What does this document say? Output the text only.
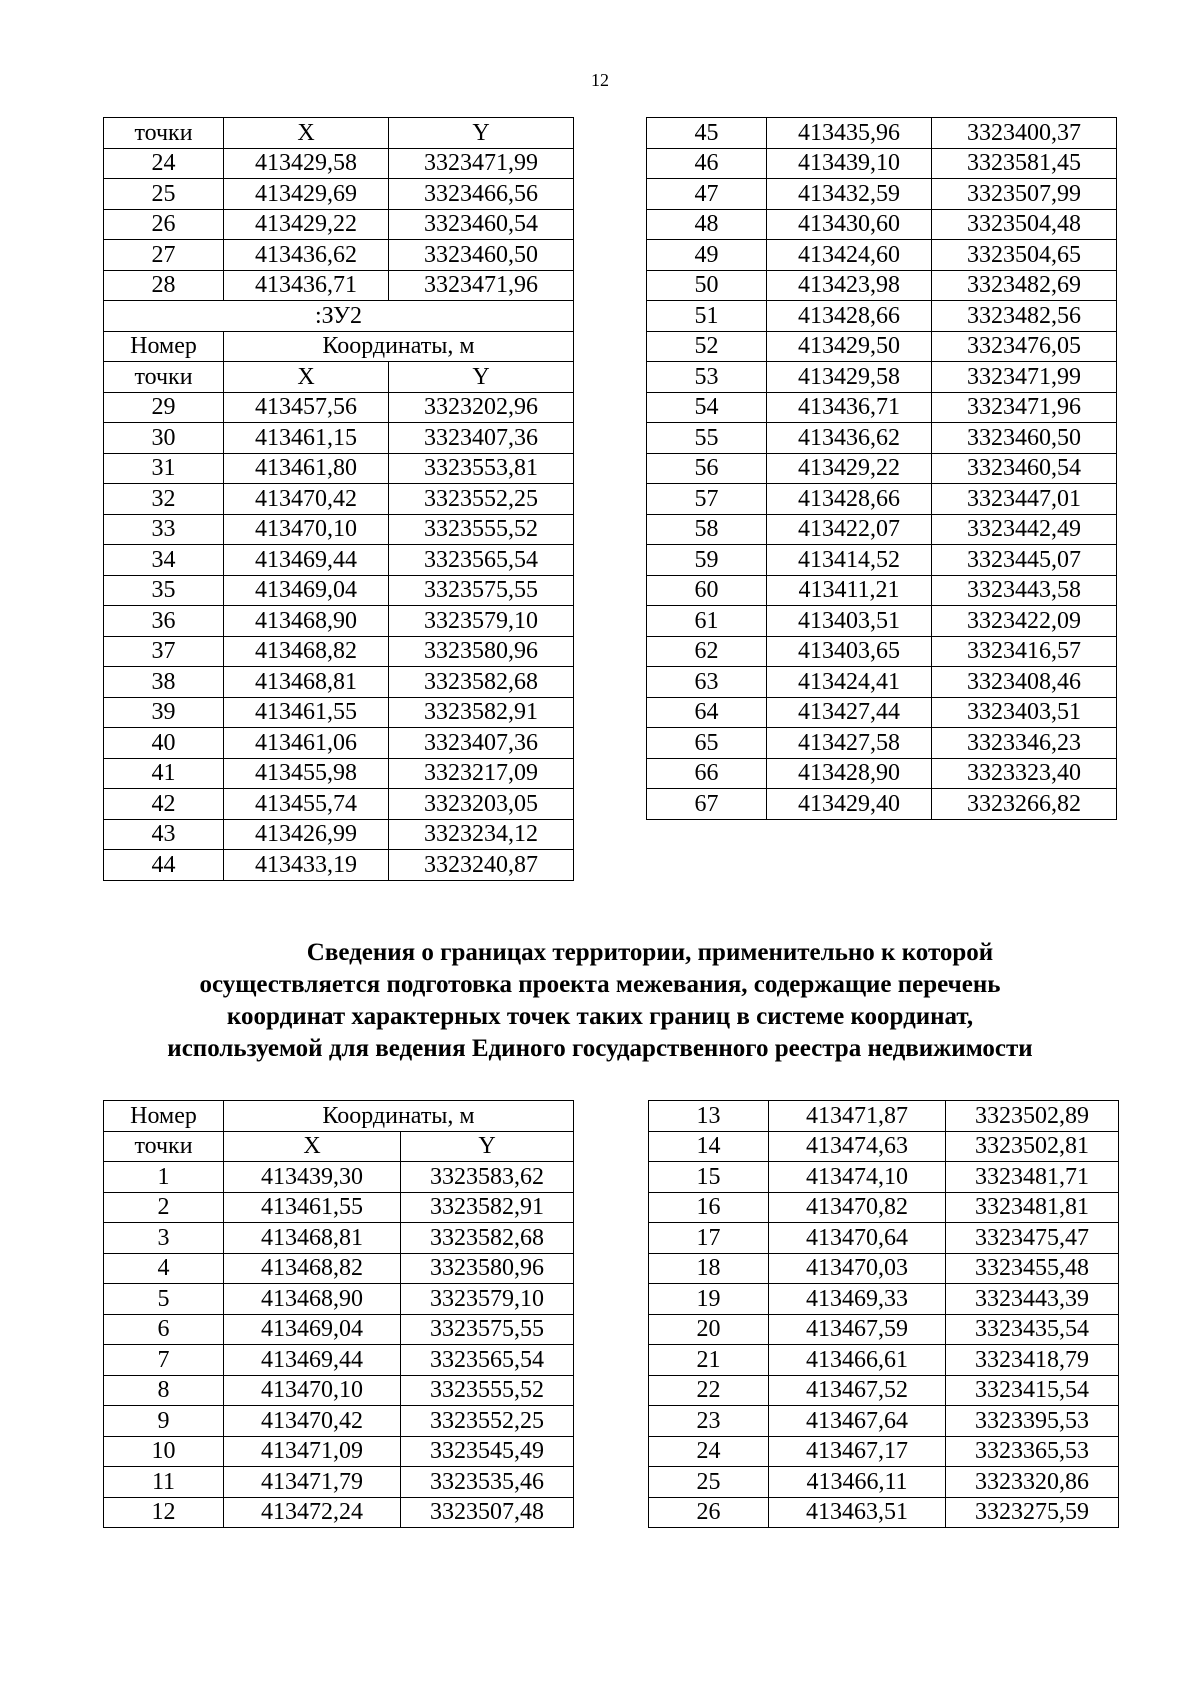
12
точки	X	Y
24	413429,58	3323471,99
25	413429,69	3323466,56
26	413429,22	3323460,54
27	413436,62	3323460,50
28	413436,71	3323471,96
:ЗУ2		
Номер	Координаты, м	
точки	X	Y
29	413457,56	3323202,96
30	413461,15	3323407,36
31	413461,80	3323553,81
32	413470,42	3323552,25
33	413470,10	3323555,52
34	413469,44	3323565,54
35	413469,04	3323575,55
36	413468,90	3323579,10
37	413468,82	3323580,96
38	413468,81	3323582,68
39	413461,55	3323582,91
40	413461,06	3323407,36
41	413455,98	3323217,09
42	413455,74	3323203,05
43	413426,99	3323234,12
44	413433,19	3323240,87
45	413435,96	3323400,37
46	413439,10	3323581,45
47	413432,59	3323507,99
48	413430,60	3323504,48
49	413424,60	3323504,65
50	413423,98	3323482,69
51	413428,66	3323482,56
52	413429,50	3323476,05
53	413429,58	3323471,99
54	413436,71	3323471,96
55	413436,62	3323460,50
56	413429,22	3323460,54
57	413428,66	3323447,01
58	413422,07	3323442,49
59	413414,52	3323445,07
60	413411,21	3323443,58
61	413403,51	3323422,09
62	413403,65	3323416,57
63	413424,41	3323408,46
64	413427,44	3323403,51
65	413427,58	3323346,23
66	413428,90	3323323,40
67	413429,40	3323266,82
Сведения о границах территории, применительно к которой
осуществляется подготовка проекта межевания, содержащие перечень
координат характерных точек таких границ в системе координат,
используемой для ведения Единого государственного реестра недвижимости
Номер	Координаты, м	
точки	X	Y
1	413439,30	3323583,62
2	413461,55	3323582,91
3	413468,81	3323582,68
4	413468,82	3323580,96
5	413468,90	3323579,10
6	413469,04	3323575,55
7	413469,44	3323565,54
8	413470,10	3323555,52
9	413470,42	3323552,25
10	413471,09	3323545,49
11	413471,79	3323535,46
12	413472,24	3323507,48
13	413471,87	3323502,89
14	413474,63	3323502,81
15	413474,10	3323481,71
16	413470,82	3323481,81
17	413470,64	3323475,47
18	413470,03	3323455,48
19	413469,33	3323443,39
20	413467,59	3323435,54
21	413466,61	3323418,79
22	413467,52	3323415,54
23	413467,64	3323395,53
24	413467,17	3323365,53
25	413466,11	3323320,86
26	413463,51	3323275,59
